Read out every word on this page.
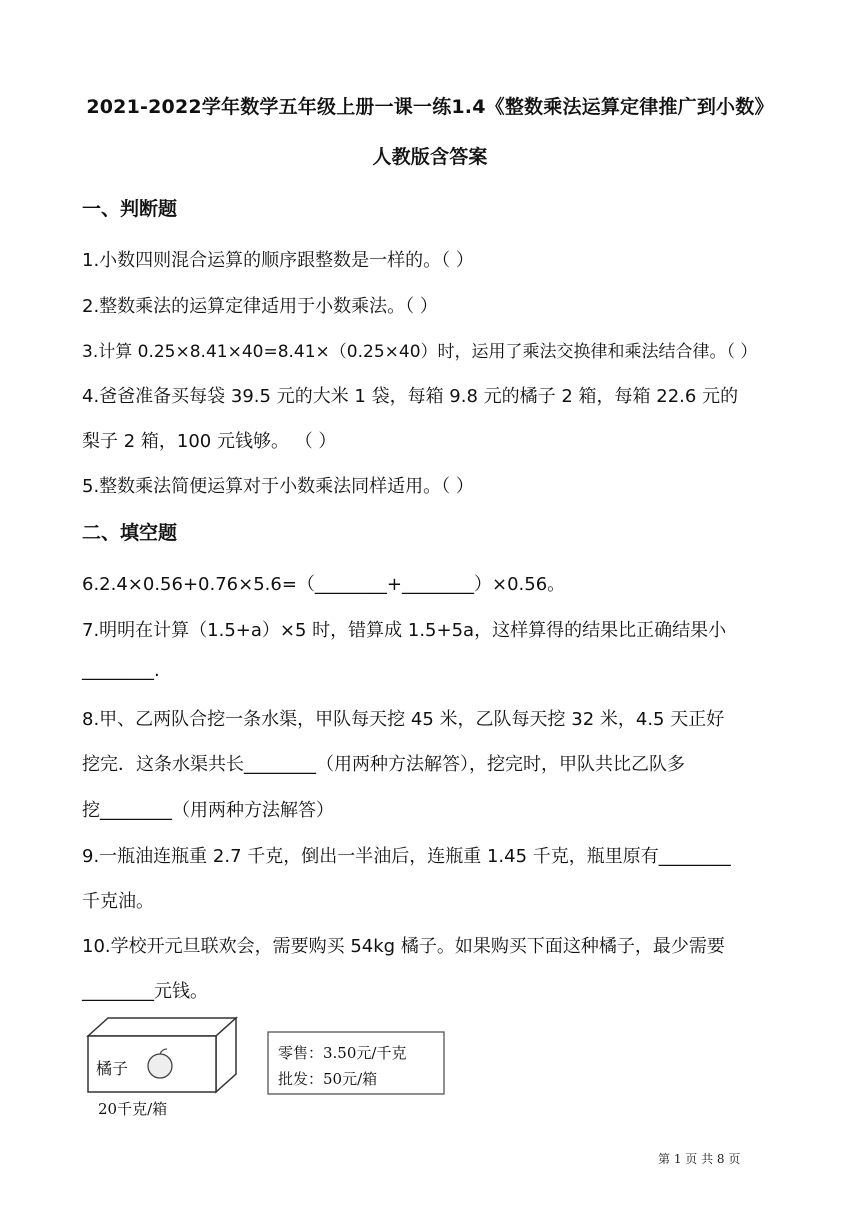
2021-2022学年数学五年级上册一课一练1.4《整数乘法运算定律推广到小数》
人教版含答案
一、判断题
1.小数四则混合运算的顺序跟整数是一样的。（ ）
2.整数乘法的运算定律适用于小数乘法。（ ）
3.计算 0.25×8.41×40=8.41×（0.25×40）时，运用了乘法交换律和乘法结合律。（ ）
4.爸爸准备买每袋 39.5 元的大米 1 袋，每箱 9.8 元的橘子 2 箱，每箱 22.6 元的
梨子 2 箱，100 元钱够。 （ ）
5.整数乘法简便运算对于小数乘法同样适用。（ ）
二、填空题
6.2.4×0.56+0.76×5.6=（________+________）×0.56。
7.明明在计算（1.5+a）×5 时，错算成 1.5+5a，这样算得的结果比正确结果小
________.
8.甲、乙两队合挖一条水渠，甲队每天挖 45 米，乙队每天挖 32 米，4.5 天正好
挖完．这条水渠共长________（用两种方法解答），挖完时，甲队共比乙队多
挖________（用两种方法解答）
9.一瓶油连瓶重 2.7 千克，倒出一半油后，连瓶重 1.45 千克，瓶里原有________
千克油。
10.学校开元旦联欢会，需要购买 54kg 橘子。如果购买下面这种橘子，最少需要
________元钱。
橘子
20千克/箱
零售：3.50元/千克
批发：50元/箱
第 1 页 共 8 页
